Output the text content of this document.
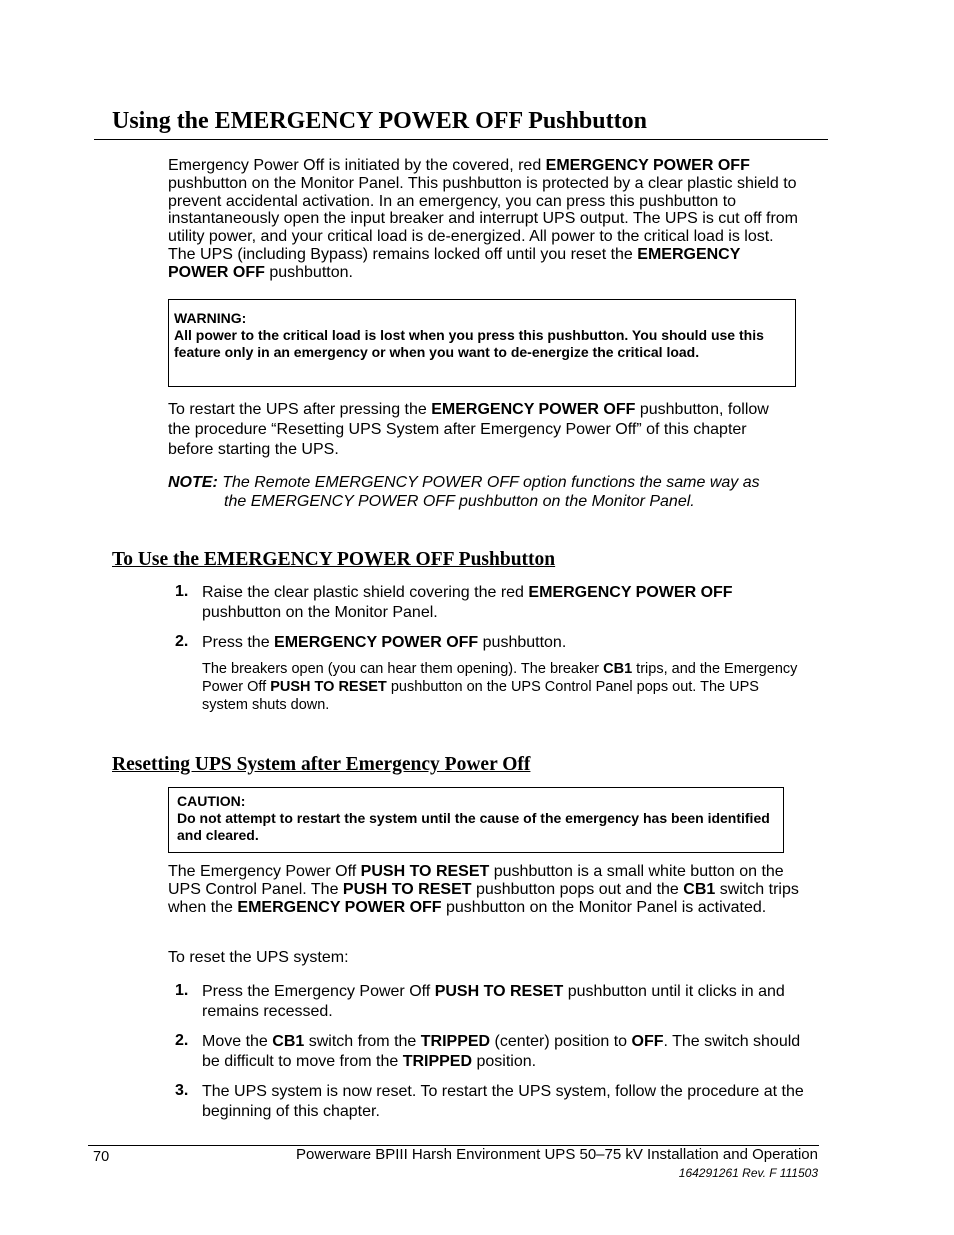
Using the EMERGENCY POWER OFF Pushbutton
Emergency Power Off is initiated by the covered, red EMERGENCY POWER OFF pushbutton on the Monitor Panel. This pushbutton is protected by a clear plastic shield to prevent accidental activation. In an emergency, you can press this pushbutton to instantaneously open the input breaker and interrupt UPS output. The UPS is cut off from utility power, and your critical load is de-energized. All power to the critical load is lost. The UPS (including Bypass) remains locked off until you reset the EMERGENCY POWER OFF pushbutton.
WARNING:
All power to the critical load is lost when you press this pushbutton. You should use this feature only in an emergency or when you want to de-energize the critical load.
To restart the UPS after pressing the EMERGENCY POWER OFF pushbutton, follow the procedure “Resetting UPS System after Emergency Power Off” of this chapter before starting the UPS.
NOTE: The Remote EMERGENCY POWER OFF option functions the same way as
the EMERGENCY POWER OFF pushbutton on the Monitor Panel.
To Use the EMERGENCY POWER OFF Pushbutton
1. Raise the clear plastic shield covering the red EMERGENCY POWER OFF pushbutton on the Monitor Panel.
2. Press the EMERGENCY POWER OFF pushbutton.
The breakers open (you can hear them opening). The breaker CB1 trips, and the Emergency Power Off PUSH TO RESET pushbutton on the UPS Control Panel pops out. The UPS system shuts down.
Resetting UPS System after Emergency Power Off
CAUTION:
Do not attempt to restart the system until the cause of the emergency has been identified and cleared.
The Emergency Power Off PUSH TO RESET pushbutton is a small white button on the UPS Control Panel. The PUSH TO RESET pushbutton pops out and the CB1 switch trips when the EMERGENCY POWER OFF pushbutton on the Monitor Panel is activated.
To reset the UPS system:
1. Press the Emergency Power Off PUSH TO RESET pushbutton until it clicks in and remains recessed.
2. Move the CB1 switch from the TRIPPED (center) position to OFF. The switch should be difficult to move from the TRIPPED position.
3. The UPS system is now reset. To restart the UPS system, follow the procedure at the beginning of this chapter.
70	Powerware BPIII Harsh Environment UPS 50–75 kV Installation and Operation
164291261 Rev. F 111503
